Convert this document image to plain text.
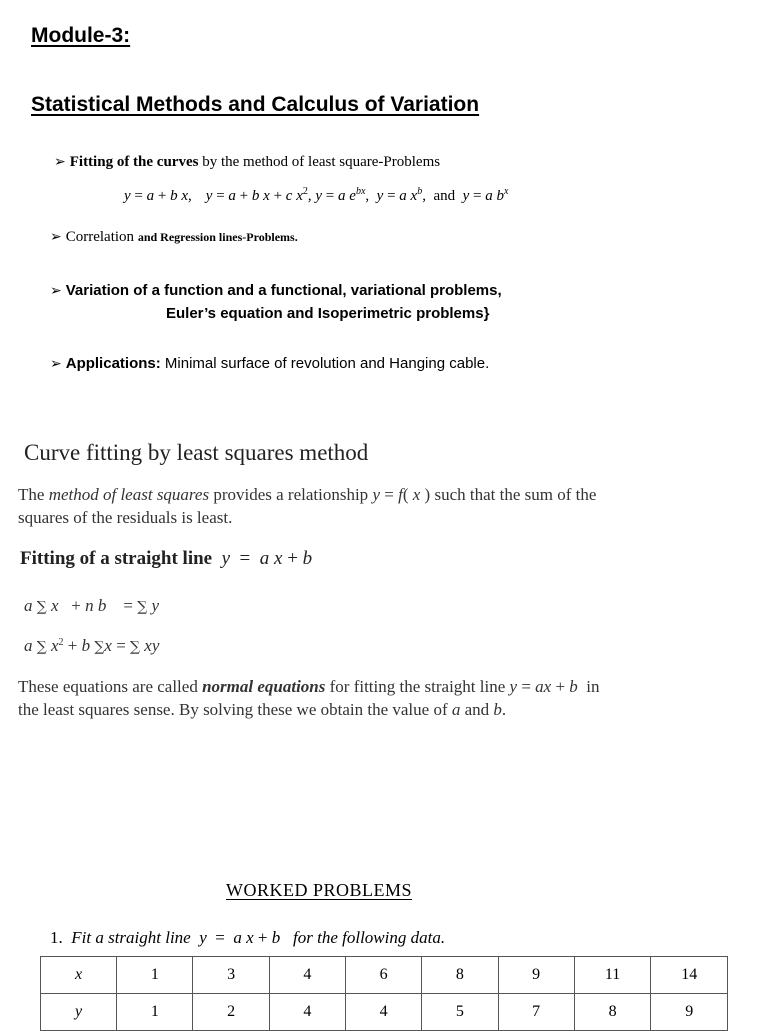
Module-3:
Statistical Methods and Calculus of Variation
➢ Fitting of the curves by the method of least square-Problems
y = a + b x, y = a + b x + c $x^2$, y = a $e^{bx}$,  y = a $x^b$,  and y = a $b^x$
➢ Correlation and Regression lines-Problems.
➢ Variation of a function and a functional, variational problems,
Euler’s equation and Isoperimetric problems}
➢ Applications: Minimal surface of revolution and Hanging cable.
Curve fitting by least squares method
The method of least squares provides a relationship y = f( x ) such that the sum of the
squares of the residuals is least.
Fitting of a straight line y  =  a x + b
a ∑ x   + n b    = ∑ y
a ∑ $x^2 + b$ ∑x = ∑ xy
These equations are called normal equations for fitting the straight line y = ax + b  in
the least squares sense. By solving these we obtain the value of a and b.
WORKED PROBLEMS
1. Fit a straight line  y  =  a x + b   for the following data.
x	1	3	4	6	8	9	11	14
y	1	2	4	4	5	7	8	9
